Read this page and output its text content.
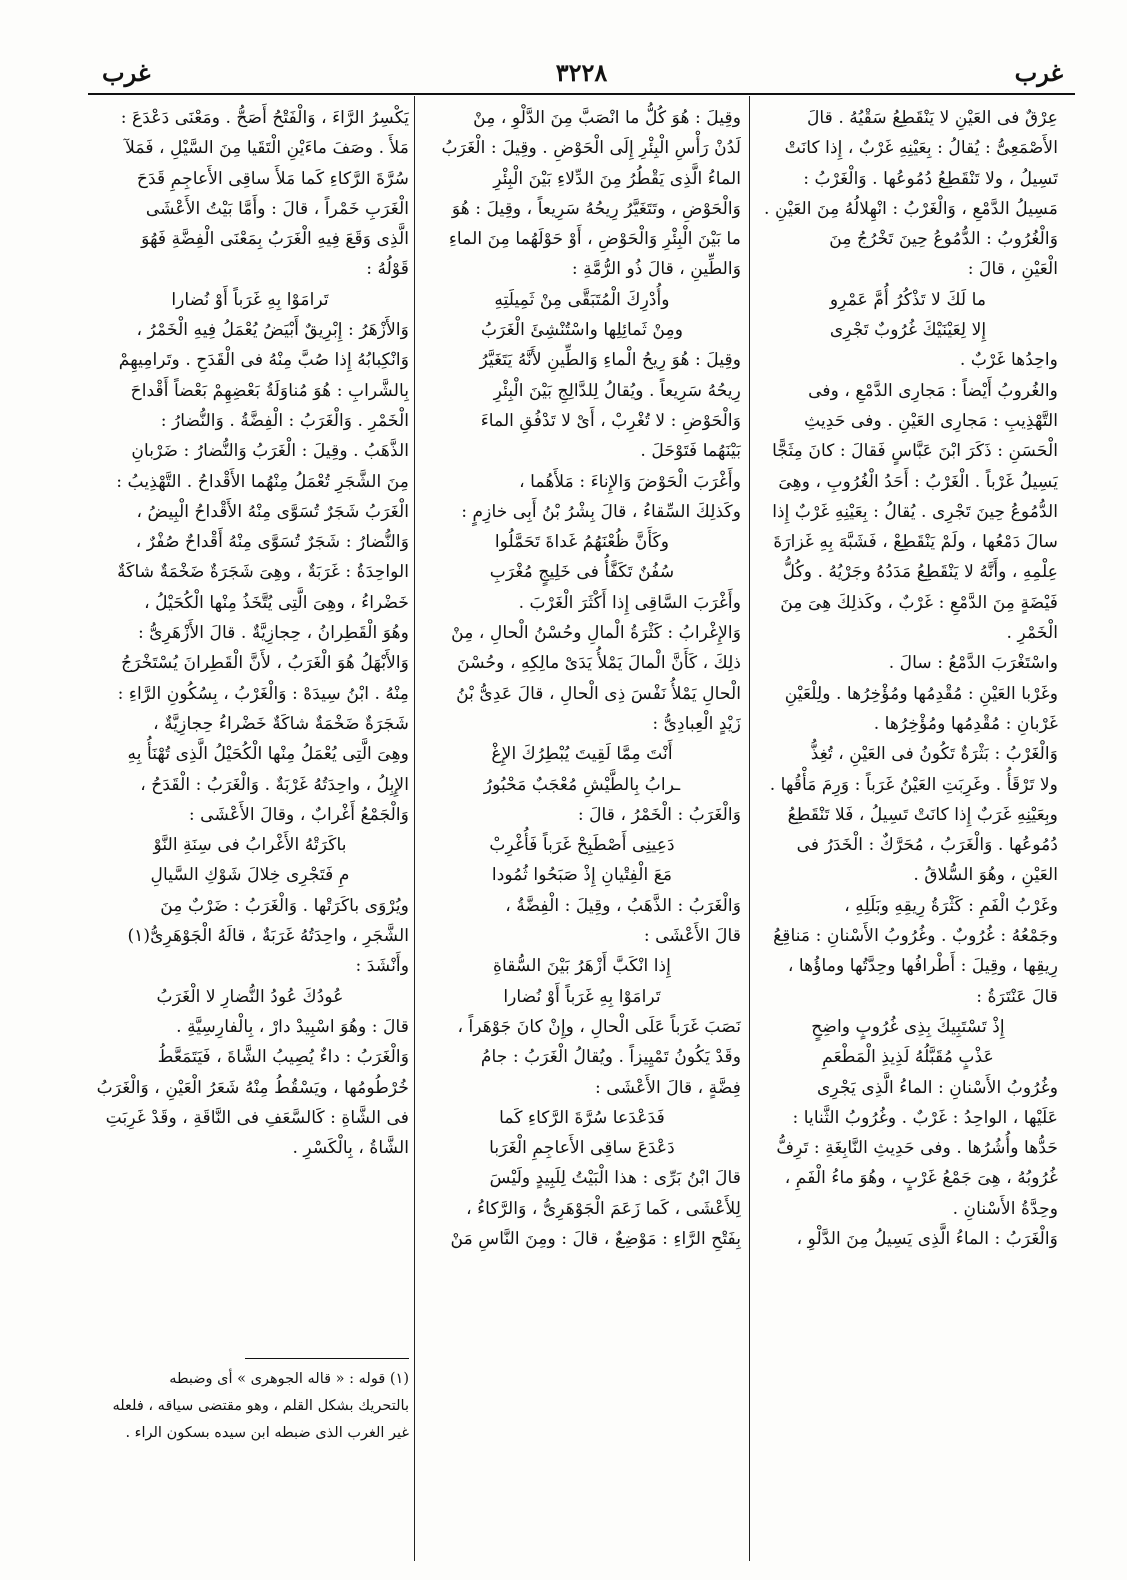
غرب
٣٢٢٨
غرب

عِرْقٌ فى العَيْنِ لا يَنْقَطِعُ سَقْيُهُ . قالَ

الأَصْمَعِىُّ : يُقالُ : بِعَيْنِهِ غَرْبٌ ، إِذا كانَتْ

تَسِيلُ ، ولا تَنْقَطِعُ دُمُوعُها . وَالْغَرْبُ :

مَسِيلُ الدَّمْعِ ، وَالْغَرْبُ : انْهِلالُهُ مِنَ العَيْنِ .

وَالْغُرُوبُ : الدُّمُوعُ حِينَ تَخْرُجُ مِنَ

الْعَيْنِ ، قالَ :

ما لَكَ لا تَذْكُرُ أُمَّ عَمْرِو

إِلا لِعَيْنَيْكَ غُرُوبٌ تَجْرِى

واحِدُها غَرْبٌ .

والغُروبُ أَيْضاً : مَجارِى الدَّمْعِ ، وفى

التَّهْذِيبِ : مَجارِى العَيْنِ . وفى حَدِيثِ

الْحَسَنِ : ذَكَرَ ابْنَ عَبَّاسٍ فَقالَ : كانَ مِثَجًّا

يَسِيلُ غَرْباً . الْغَرْبُ : أَحَدُ الْغُرُوبِ ، وهِىَ

الدُّمُوعُ حِينَ تَجْرِى . يُقالُ : بِعَيْنِهِ غَرْبٌ إِذا

سالَ دَمْعُها ، ولَمْ يَنْقَطِعْ ، فَشَبَّهَ بِهِ غَزارَةَ

عِلْمِهِ ، وأَنَّهُ لا يَنْقَطِعُ مَدَدُهُ وجَرْيُهُ . وكُلُّ

فَيْضَةٍ مِنَ الدَّمْعِ : غَرْبٌ ، وكَذلِكَ هِىَ مِنَ

الْخَمْرِ .

واسْتَغْرَبَ الدَّمْعُ : سالَ .

وغَرْبا العَيْنِ : مُقْدِمُها ومُؤْخِرُها . ولِلْعَيْنِ

غَرْبانِ : مُقْدِمُها ومُؤْخِرُها .

وَالْغَرْبُ : بَثْرَةٌ تَكُونُ فى العَيْنِ ، تُغِذُّ

ولا تَرْقَأُ . وغَرِبَتِ العَيْنُ غَرَباً : وَرِمَ مَأْقُها .

وبِعَيْنِهِ غَرَبٌ إِذا كانَتْ تَسِيلُ ، فَلا تَنْقَطِعُ

دُمُوعُها . وَالْغَرَبُ ، مُحَرَّكٌ : الْخَدَرُ فى

العَيْنِ ، وهُوَ السُّلاقُ .

وغَرْبُ الْفَمِ : كَثْرَةُ رِيقِهِ وبَلَلِهِ ،

وجَمْعُهُ : غُرُوبٌ . وغُرُوبُ الأَسْنانِ : مَناقِعُ

رِيقِها ، وقِيلَ : أَطْرافُها وحِدَّتُها وماؤُها ،

قالَ عَنْتَرَةُ :

إِذْ تَسْتَبِيكَ بِذِى غُرُوبٍ واضِحٍ

عَذْبٍ مُقَبَّلُهُ لَذِيذِ الْمَطْعَمِ

وغُرُوبُ الأَسْنانِ : الماءُ الَّذِى يَجْرِى

عَلَيْها ، الواحِدُ : غَرْبٌ . وغُرُوبُ الثَّنايا :

حَدُّها وأُشُرُها . وفى حَدِيثِ النَّابِغَةِ : تَرِفُّ

غُرُوبُهُ ، هِىَ جَمْعُ غَرْبٍ ، وهُوَ ماءُ الْفَمِ ،

وحِدَّةُ الأَسْنانِ .

وَالْغَرَبُ : الماءُ الَّذِى يَسِيلُ مِنَ الدَّلْوِ ،

وقِيلَ : هُوَ كُلُّ ما انْصَبَّ مِنَ الدَّلْوِ ، مِنْ

لَدُنْ رَأْسِ الْبِئْرِ إِلَى الْحَوْضِ . وقِيلَ : الْغَرَبُ

الماءُ الَّذِى يَقْطُرُ مِنَ الدِّلاءِ بَيْنَ الْبِئْرِ

وَالْحَوْضِ ، وتَتَغَيَّرُ رِيحُهُ سَرِيعاً ، وقِيلَ : هُوَ

ما بَيْنَ الْبِئْرِ وَالْحَوْضِ ، أَوْ حَوْلَهُما مِنَ الماءِ

وَالطِّينِ ، قالَ ذُو الرُّمَّةِ :

وأُدْرِكَ الْمُتَبَقَّى مِنْ ثَمِيلَتِهِ

ومِنْ ثَمائِلِها واسْتُنْشِئَ الْغَرَبُ

وقِيلَ : هُوَ رِيحُ الْماءِ وَالطِّينِ لأَنَّهُ يَتَغَيَّرُ

رِيحُهُ سَرِيعاً . ويُقالُ لِلدَّالِجِ بَيْنَ الْبِئْرِ

وَالْحَوْضِ : لا تُغْرِبْ ، أَىْ لا تَدْفُقِ الماءَ

بَيْنَهُما فَتَوْحَلَ .

وأَغْرَبَ الْحَوْضَ وَالإِناءَ : مَلأَهُما ،

وكَذلِكَ السِّقاءُ ، قالَ بِشْرُ بْنُ أَبِى خازِمٍ :

وكَأَنَّ ظُعْنَهُمُ غَداةَ تَحَمَّلُوا

سُفُنٌ تَكَفَّأُ فى خَلِيجٍ مُغْرَبِ

وأَغْرَبَ السَّاقِى إِذا أَكْثَرَ الْغَرْبَ .

وَالإِغْرابُ : كَثْرَةُ الْمالِ وحُسْنُ الْحالِ ، مِنْ

ذلِكَ ، كَأَنَّ الْمالَ يَمْلأُ يَدَىْ مالِكِهِ ، وحُسْنَ

الْحالِ يَمْلأُ نَفْسَ ذِى الْحالِ ، قالَ عَدِىُّ بْنُ

زَيْدٍ الْعِبادِىُّ :

أَنْتَ مِمَّا لَقِيتَ يُبْطِرُكَ الإِغْ

ـرابُ بِالطَّيْشِ مُعْجَبٌ مَحْبُورُ

وَالْغَرَبُ : الْخَمْرُ ، قالَ :

دَعِينِى أَصْطَبِحْ غَرَباً فَأُغْرِبْ

مَعَ الْفِتْيانِ إِذْ صَبَحُوا ثُمُودا

وَالْغَرَبُ : الذَّهَبُ ، وقِيلَ : الْفِضَّةُ ،

قالَ الأَعْشَى :

إِذا انْكَبَّ أَزْهَرُ بَيْنَ السُّقاةِ

تَرامَوْا بِهِ غَرَباً أَوْ نُضارا

نَصَبَ غَرَباً عَلَى الْحالِ ، وإِنْ كانَ جَوْهَراً ،

وقَدْ يَكُونُ تَمْيِيزاً . ويُقالُ الْغَرَبُ : جامُ

فِضَّةٍ ، قالَ الأَعْشَى :

فَدَعْدَعا سُرَّةَ الرَّكاءِ كَما

دَعْدَعَ ساقِى الأَعاجِمِ الْغَرَبا

قالَ ابْنُ بَرِّى : هذا الْبَيْتُ لِلَبِيدٍ ولَيْسَ

لِلأَعْشَى ، كَما زَعَمَ الْجَوْهَرِىُّ ، وَالرَّكاءُ ،

بِفَتْحِ الرَّاءِ : مَوْضِعٌ ، قالَ : ومِنَ النَّاسِ مَنْ

يَكْسِرُ الرَّاءَ ، وَالْفَتْحُ أَصَحُّ . ومَعْنَى دَعْدَعَ :

مَلأَ . وصَفَ ماءَيْنِ الْتَقَيا مِنَ السَّيْلِ ، فَمَلآ

سُرَّةَ الرَّكاءِ كَما مَلأَ ساقِى الأَعاجِمِ قَدَحَ

الْغَرَبِ خَمْراً ، قالَ : وأَمَّا بَيْتُ الأَعْشَى

الَّذِى وَقَعَ فِيهِ الْغَرَبُ بِمَعْنَى الْفِضَّةِ فَهُوَ

قَوْلُهُ :

تَرامَوْا بِهِ غَرَباً أَوْ نُضارا

وَالأَزْهَرُ : إِبْرِيقٌ أَبْيَضُ يُعْمَلُ فِيهِ الْخَمْرُ ،

وَانْكِبابُهُ إِذا صُبَّ مِنْهُ فى الْقَدَحِ . وتَرامِيهِمْ

بِالشَّرابِ : هُوَ مُناوَلَةُ بَعْضِهِمْ بَعْضاً أَقْداحَ

الْخَمْرِ . وَالْغَرَبُ : الْفِضَّةُ . وَالنُّضارُ :

الذَّهَبُ . وقِيلَ : الْغَرَبُ وَالنُّضارُ : ضَرْبانِ

مِنَ الشَّجَرِ تُعْمَلُ مِنْهُما الأَقْداحُ . التَّهْذِيبُ :

الْغَرَبُ شَجَرٌ تُسَوَّى مِنْهُ الأَقْداحُ الْبِيضُ ،

وَالنُّضارُ : شَجَرٌ تُسَوَّى مِنْهُ أَقْداحٌ صُفْرٌ ،

الواحِدَةُ : غَرَبَةٌ ، وهِىَ شَجَرَةٌ ضَخْمَةٌ شاكَةٌ

خَضْراءُ ، وهِىَ الَّتِى يُتَّخَذُ مِنْها الْكُحَيْلُ ،

وهُوَ الْقَطِرانُ ، حِجازِيَّةٌ . قالَ الأَزْهَرِىُّ :

وَالأَبْهَلُ هُوَ الْغَرَبُ ، لأَنَّ الْقَطِرانَ يُسْتَخْرَجُ

مِنْهُ . ابْنُ سِيدَهْ : وَالْغَرْبُ ، بِسُكُونِ الرَّاءِ :

شَجَرَةٌ ضَخْمَةٌ شاكَةٌ خَضْراءُ حِجازِيَّةٌ ،

وهِىَ الَّتِى يُعْمَلُ مِنْها الْكُحَيْلُ الَّذِى تُهْنَأُ بِهِ

الإِبِلُ ، واحِدَتُهُ غَرْبَةٌ . وَالْغَرَبُ : الْقَدَحُ ،

وَالْجَمْعُ أَغْرابٌ ، وقالَ الأَعْشَى :

باكَرَتْهُ الأَغْرابُ فى سِنَةِ النَّوْ

مِ فَتَجْرِى خِلالَ شَوْكِ السَّيالِ

ويُرْوَى باكَرَتْها . وَالْغَرَبُ : ضَرْبٌ مِنَ

الشَّجَرِ ، واحِدَتُهُ غَرَبَةٌ ، قالَهُ الْجَوْهَرِىُّ(١)

وأَنْشَدَ :

عُودُكَ عُودُ النُّضارِ لا الْغَرَبُ

قالَ : وهُوَ اسْبِيدْ دارْ ، بِالْفارِسِيَّةِ .

وَالْغَرَبُ : داءٌ يُصِيبُ الشَّاةَ ، فَيَتَمَعَّطُ

خُرْطُومُها ، ويَسْقُطُ مِنْهُ شَعَرُ الْعَيْنِ ، وَالْغَرَبُ

فى الشَّاةِ : كَالسَّعَفِ فى النَّاقَةِ ، وقَدْ غَرِبَتِ

الشَّاةُ ، بِالْكَسْرِ .

(١) قوله : « قاله الجوهرى » أى وضبطه

بالتحريك بشكل القلم ، وهو مقتضى سياقه ، فلعله

غير الغرب الذى ضبطه ابن سيده بسكون الراء .
